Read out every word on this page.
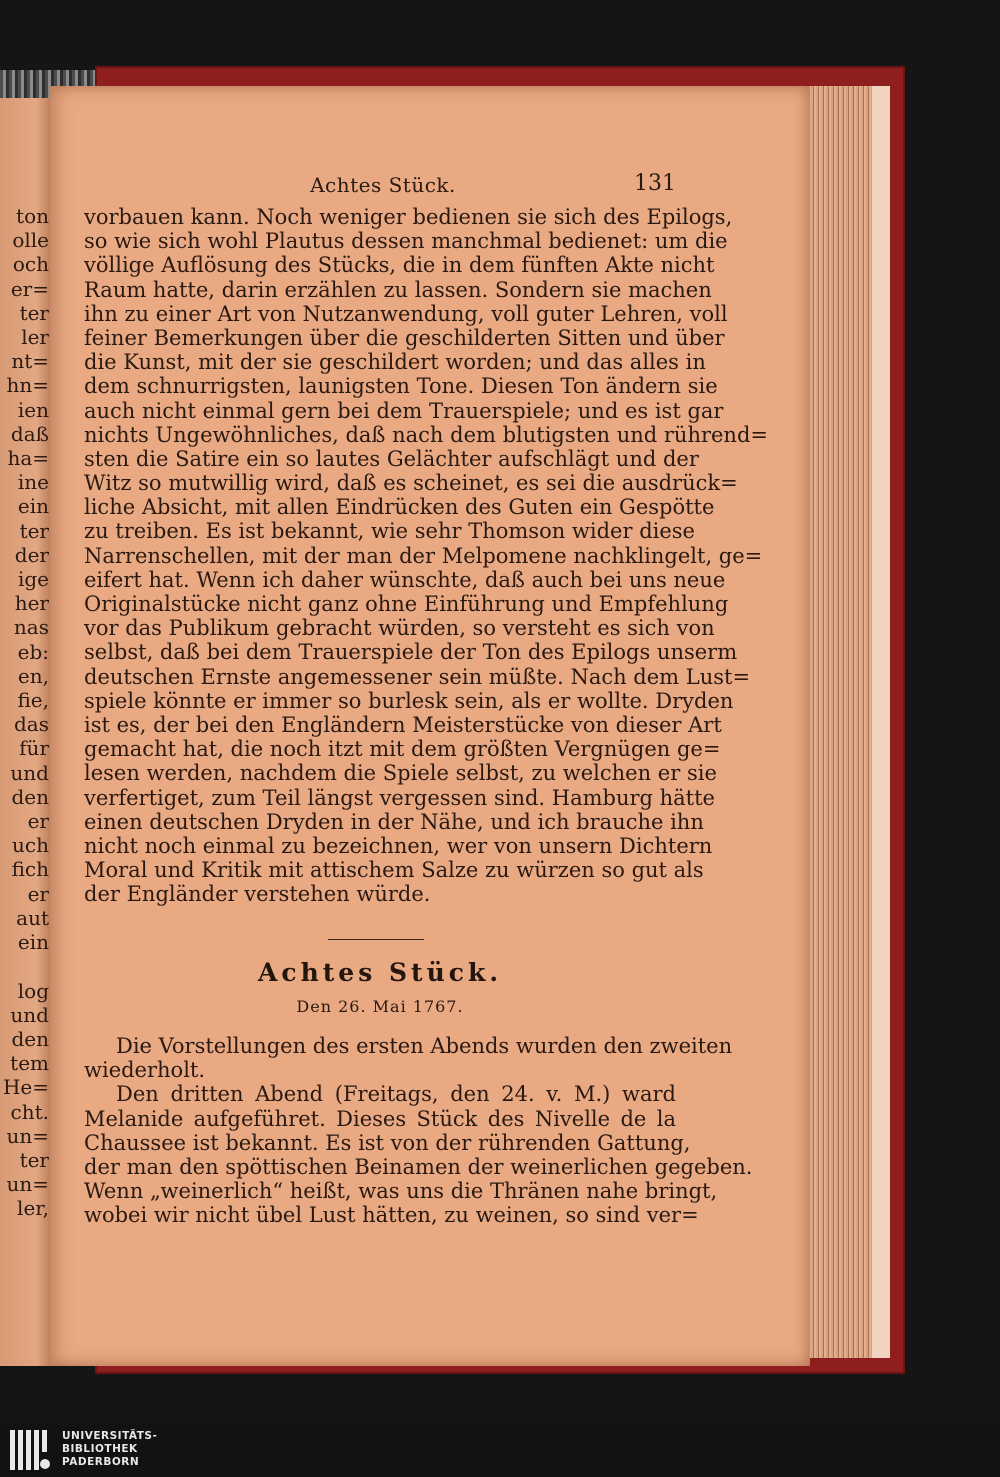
ton
olle
och
er=
ter
ler
nt=
hn=
ien
daß
ha=
ine
ein
ter
der
ige
her
nas
eb:
en,
fie,
das
für
und
den
er
uch
fich
er
aut
ein

log
und
den
tem
He=
cht.
un=
ter
un=
ler,
Achtes Stück.	131
vorbauen kann. Noch weniger bedienen sie sich des Epilogs,
so wie sich wohl Plautus dessen manchmal bedienet: um die
völlige Auflösung des Stücks, die in dem fünften Akte nicht
Raum hatte, darin erzählen zu lassen. Sondern sie machen
ihn zu einer Art von Nutzanwendung, voll guter Lehren, voll
feiner Bemerkungen über die geschilderten Sitten und über
die Kunst, mit der sie geschildert worden; und das alles in
dem schnurrigsten, launigsten Tone. Diesen Ton ändern sie
auch nicht einmal gern bei dem Trauerspiele; und es ist gar
nichts Ungewöhnliches, daß nach dem blutigsten und rührend=
sten die Satire ein so lautes Gelächter aufschlägt und der
Witz so mutwillig wird, daß es scheinet, es sei die ausdrück=
liche Absicht, mit allen Eindrücken des Guten ein Gespötte
zu treiben. Es ist bekannt, wie sehr Thomson wider diese
Narrenschellen, mit der man der Melpomene nachklingelt, ge=
eifert hat. Wenn ich daher wünschte, daß auch bei uns neue
Originalstücke nicht ganz ohne Einführung und Empfehlung
vor das Publikum gebracht würden, so versteht es sich von
selbst, daß bei dem Trauerspiele der Ton des Epilogs unserm
deutschen Ernste angemessener sein müßte. Nach dem Lust=
spiele könnte er immer so burlesk sein, als er wollte. Dryden
ist es, der bei den Engländern Meisterstücke von dieser Art
gemacht hat, die noch itzt mit dem größten Vergnügen ge=
lesen werden, nachdem die Spiele selbst, zu welchen er sie
verfertiget, zum Teil längst vergessen sind. Hamburg hätte
einen deutschen Dryden in der Nähe, und ich brauche ihn
nicht noch einmal zu bezeichnen, wer von unsern Dichtern
Moral und Kritik mit attischem Salze zu würzen so gut als
der Engländer verstehen würde.
Achtes Stück.
Den 26. Mai 1767.
Die Vorstellungen des ersten Abends wurden den zweiten
wiederholt.
Den dritten Abend (Freitags, den 24. v. M.) ward
Melanide aufgeführet. Dieses Stück des Nivelle de la
Chaussee ist bekannt. Es ist von der rührenden Gattung,
der man den spöttischen Beinamen der weinerlichen gegeben.
Wenn „weinerlich“ heißt, was uns die Thränen nahe bringt,
wobei wir nicht übel Lust hätten, zu weinen, so sind ver=
UNIVERSITÄTS-
BIBLIOTHEK
PADERBORN
